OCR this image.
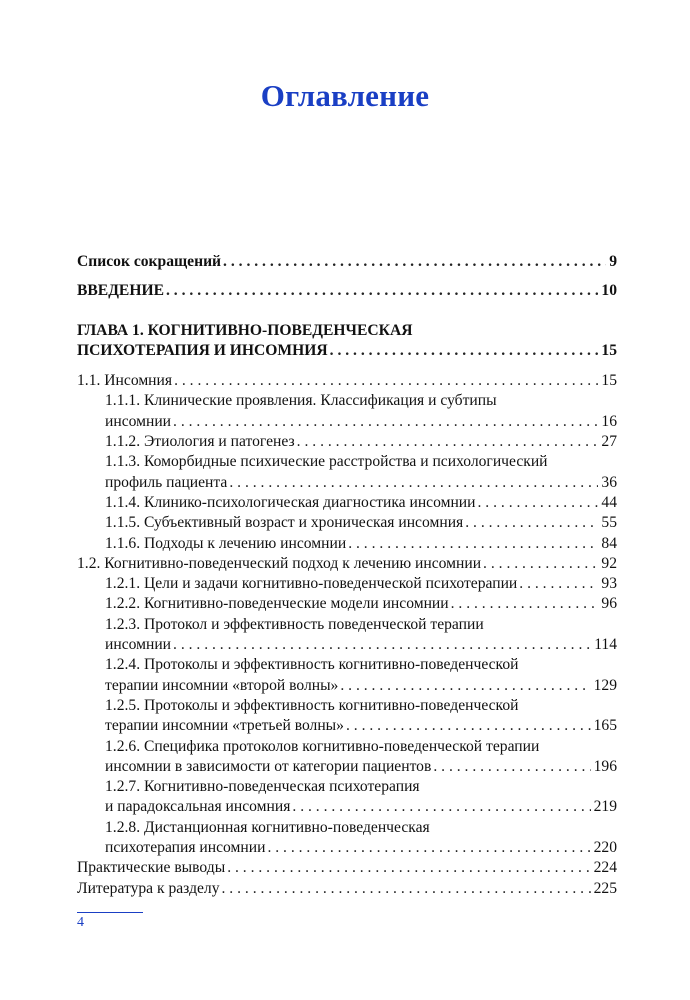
Оглавление
Список сокращений . . .	9
ВВЕДЕНИЕ . . .	10
ГЛАВА 1. КОГНИТИВНО-ПОВЕДЕНЧЕСКАЯ
ПСИХОТЕРАПИЯ И ИНСОМНИЯ . . .	15
1.1. Инсомния . . .	15
1.1.1. Клинические проявления. Классификация и субтипы
инсомнии . . .	16
1.1.2. Этиология и патогенез . . .	27
1.1.3. Коморбидные психические расстройства и психологический
профиль пациента . . .	36
1.1.4. Клинико-психологическая диагностика инсомнии . . .	44
1.1.5. Субъективный возраст и хроническая инсомния . . .	55
1.1.6. Подходы к лечению инсомнии . . .	84
1.2. Когнитивно-поведенческий подход к лечению инсомнии . . .	92
1.2.1. Цели и задачи когнитивно-поведенческой психотерапии . . .	93
1.2.2. Когнитивно-поведенческие модели инсомнии . . .	96
1.2.3. Протокол и эффективность поведенческой терапии
инсомнии . . .	114
1.2.4. Протоколы и эффективность когнитивно-поведенческой
терапии инсомнии «второй волны» . . .	129
1.2.5. Протоколы и эффективность когнитивно-поведенческой
терапии инсомнии «третьей волны» . . .	165
1.2.6. Специфика протоколов когнитивно-поведенческой терапии
инсомнии в зависимости от категории пациентов . . .	196
1.2.7. Когнитивно-поведенческая психотерапия
и парадоксальная инсомния . . .	219
1.2.8. Дистанционная когнитивно-поведенческая
психотерапия инсомнии . . .	220
Практические выводы . . .	224
Литература к разделу . . .	225
4
